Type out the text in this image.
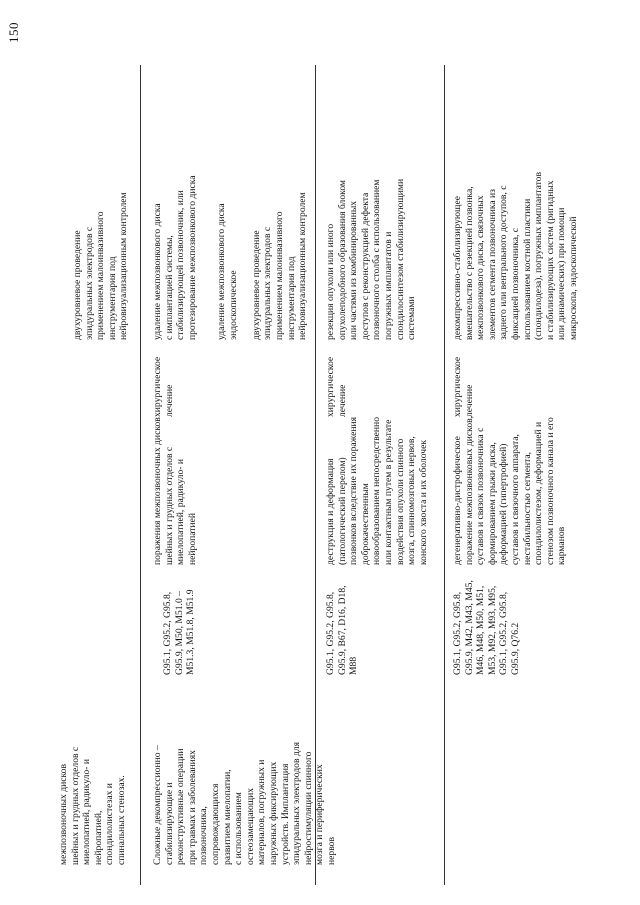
150
межпозвоночных дисков
шейных и грудных отделов с
миелопатией, радикуло- и
нейропатией,
спондилолистезах и
спинальных стенозах.
двухуровневое проведение
эпидуральных электродов с
применением малоинвазивного
инструментария под
нейровизуализационным контролем
Сложные декомпрессионно –
стабилизирующие и
реконструктивные операции
при травмах и заболеваниях
позвоночника,
сопровождающихся
развитием миелопатии,
с использованием
остеозамещающих
материалов, погружных и
наружных фиксирующих
устройств. Имплантация
эпидуральных электродов для
нейростимуляции спинного
мозга и периферических
нервов
G95.1, G95.2, G95.8,
G95.9, M50, M51.0 –
M51.3, M51.8, M51.9
поражения межпозвоночных дисков
шейных и грудных отделов с
миелопатией, радикуло- и
нейропатией
хирургическое
лечение
удаление межпозвонкового диска
с имплантацией системы,
стабилизирующей позвоночник, или
протезирование межпозвонкового диска
удаление межпозвонкового диска
эндоскопическое

двухуровневое проведение
эпидуральных электродов с
применением малоинвазивного
инструментария под
нейровизуализационным контролем
G95.1, G95.2, G95.8,
G95.9, B67, D16, D18,
M88
деструкция и деформация
(патологический перелом)
позвонков вследствие их поражения
доброкачественным
новообразованием непосредственно
или контактным путем в результате
воздействия опухоли спинного
мозга, спинномозговых нервов,
конского хвоста и их оболочек
хирургическое
лечение
резекция опухоли или иного
опухолеподобного образования блоком
или частями из комбинированных
доступов с реконструкцией дефекта
позвоночного столба с использованием
погружных имплантатов и
спондилосинтезом стабилизирующими
системами
G95.1, G95.2, G95.8,
G95.9, M42, M43, M45,
M46, M48, M50, M51,
M53, M92, M93, M95,
G95.1, G95.2, G95.8,
G95.9, Q76.2
дегенеративно-дистрофическое
поражение межпозвонковых дисков,
суставов и связок позвоночника с
формированием грыжи диска,
деформацией (гипертрофией)
суставов и связочного аппарата,
нестабильностью сегмента,
спондилолистезом, деформацией и
стенозом позвоночного канала и его
карманов
хирургическое
лечение
декомпрессивно-стабилизирующее
вмешательство с резекцией позвонка,
межпозвонкового диска, связочных
элементов сегмента позвоночника из
заднего или вентрального доступов, с
фиксацией позвоночника, с
использованием костной пластики
(спондилодеза), погружных имплантатов
и стабилизирующих систем (ригидных
или динамических) при помощи
микроскопа, эндоскопической
